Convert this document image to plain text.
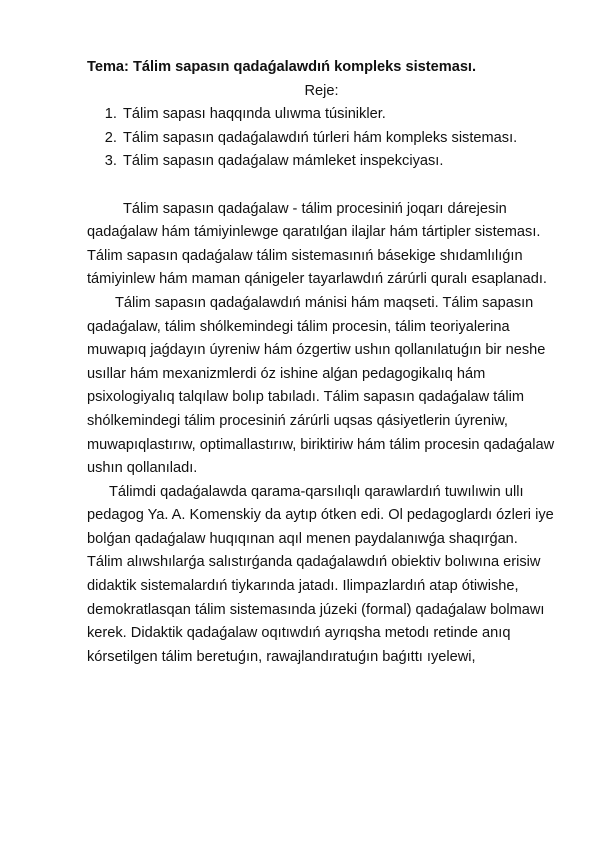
Tema: Tálim sapasın qadaǵalawdıń kompleks sisteması.

Reje:

1. Tálim sapası haqqında ulıwma túsinikler.
2. Tálim sapasın qadaǵalawdıń túrleri hám kompleks sisteması.
3. Tálim sapasın qadaǵalaw mámleket inspekciyası.

Tálim sapasın qadaǵalaw - tálim procesiniń joqarı dárejesin qadaǵalaw hám támiyinlewge qaratılǵan ilajlar hám tártipler sisteması. Tálim sapasın qadaǵalaw tálim sistemasınıń básekige shıdamlılıǵın támiyinlew hám maman qánigeler tayarlawdıń zárúrli quralı esaplanadı.

Tálim sapasın qadaǵalawdıń mánisi hám maqseti. Tálim sapasın qadaǵalaw, tálim shólkemindegi tálim procesin, tálim teoriyalerina muwapıq jaǵdayın úyreniw hám ózgertiw ushın qollanılatuǵın bir neshe usıllar hám mexanizmlerdi óz ishine alǵan pedagogikalıq hám psixologiyalıq talqılaw bolıp tabıladı. Tálim sapasın qadaǵalaw tálim shólkemindegi tálim procesiniń zárúrli uqsas qásiyetlerin úyreniw, muwapıqlastırıw, optimallastırıw, biriktiriw hám tálim procesin qadaǵalaw ushın qollanıladı.

Tálimdi qadaǵalawda qarama-qarsılıqlı qarawlardıń tuwılıwin ullı pedagog Ya. A. Komenskiy da aytıp ótken edi. Ol pedagoglardı ózleri iye bolǵan qadaǵalaw huqıqınan aqıl menen paydalanıwǵa shaqırǵan. Tálim alıwshılarǵa salıstırǵanda qadaǵalawdıń obiektiv bolıwına erisiw didaktik sistemalardıń tiykarında jatadı. Ilimpazlardıń atap ótiwishe, demokratlasqan tálim sistemasında júzeki (formal) qadaǵalaw bolmawı kerek. Didaktik qadaǵalaw oqıtıwdıń ayrıqsha metodı retinde anıq kórsetilgen tálim beretuǵın, rawajlandıratuǵın baǵıttı ıyelewi,
